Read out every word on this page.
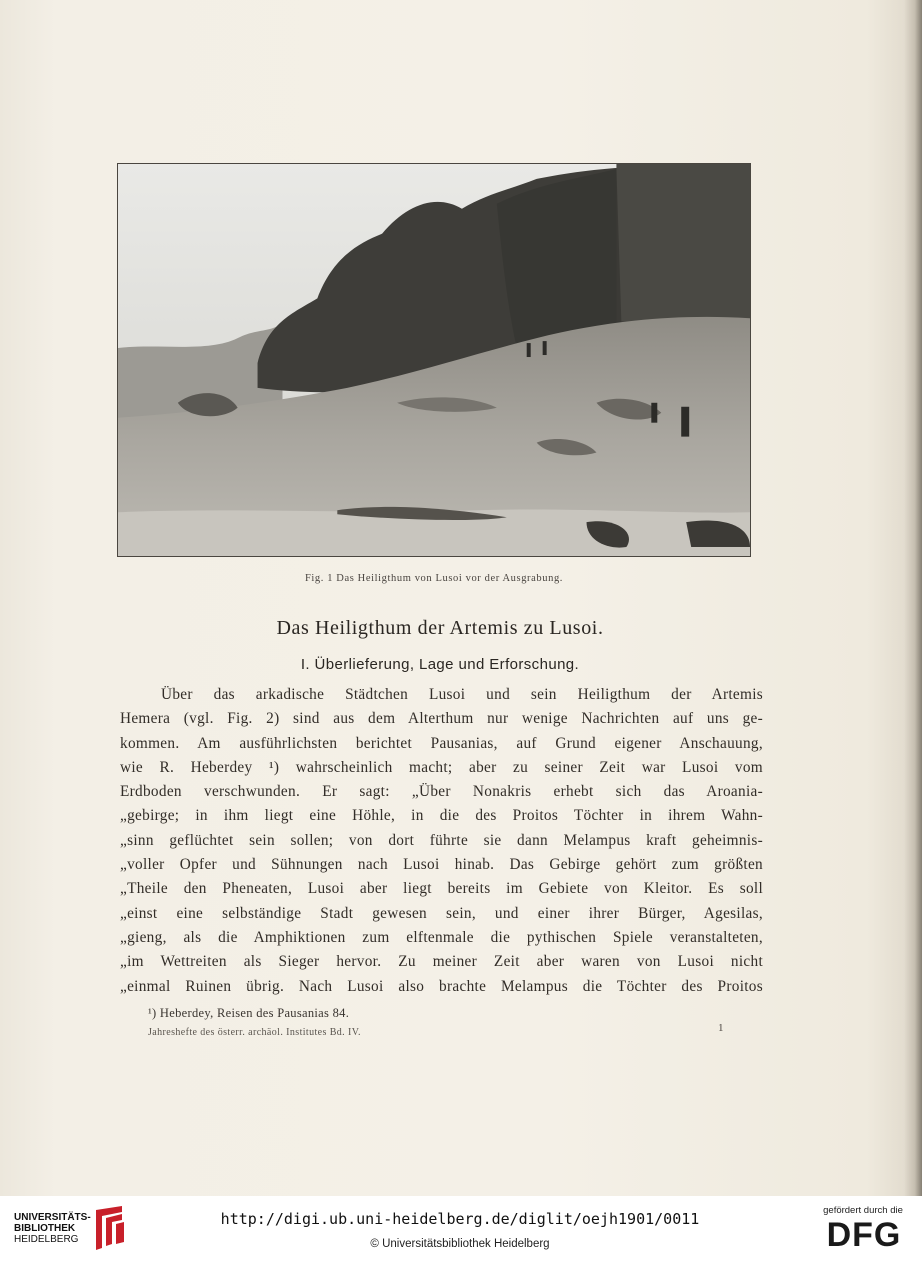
Fig. 1 Das Heiligthum von Lusoi vor der Ausgrabung.
Das Heiligthum der Artemis zu Lusoi.
I. Überlieferung, Lage und Erforschung.
Über das arkadische Städtchen Lusoi und sein Heiligthum der Artemis
Hemera (vgl. Fig. 2) sind aus dem Alterthum nur wenige Nachrichten auf uns ge-
kommen. Am ausführlichsten berichtet Pausanias, auf Grund eigener Anschauung,
wie R. Heberdey ¹) wahrscheinlich macht; aber zu seiner Zeit war Lusoi vom
Erdboden verschwunden. Er sagt: „Über Nonakris erhebt sich das Aroania-
„gebirge; in ihm liegt eine Höhle, in die des Proitos Töchter in ihrem Wahn-
„sinn geflüchtet sein sollen; von dort führte sie dann Melampus kraft geheimnis-
„voller Opfer und Sühnungen nach Lusoi hinab. Das Gebirge gehört zum größten
„Theile den Pheneaten, Lusoi aber liegt bereits im Gebiete von Kleitor. Es soll
„einst eine selbständige Stadt gewesen sein, und einer ihrer Bürger, Agesilas,
„gieng, als die Amphiktionen zum elftenmale die pythischen Spiele veranstalteten,
„im Wettreiten als Sieger hervor. Zu meiner Zeit aber waren von Lusoi nicht
„einmal Ruinen übrig. Nach Lusoi also brachte Melampus die Töchter des Proitos
¹) Heberdey, Reisen des Pausanias 84.
Jahreshefte des österr. archäol. Institutes Bd. IV.	1
UNIVERSITÄTS-
BIBLIOTHEK
HEIDELBERG
http://digi.ub.uni-heidelberg.de/diglit/oejh1901/0011
© Universitätsbibliothek Heidelberg
gefördert durch die
DFG
